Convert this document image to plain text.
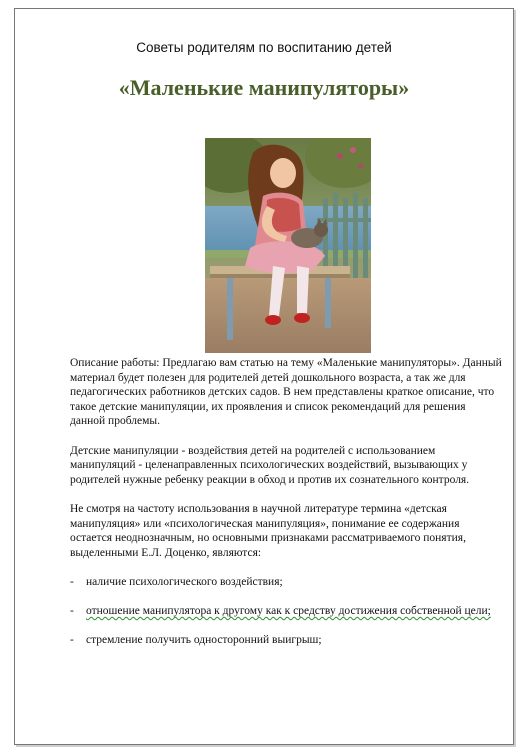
Советы родителям по воспитанию детей
«Маленькие манипуляторы»

Описание работы: Предлагаю вам статью на тему «Маленькие манипуляторы». Данный материал будет полезен для родителей детей дошкольного возраста, а так же для педагогических работников детских садов. В нем представлены краткое описание, что такое детские манипуляции, их проявления и список рекомендаций для решения данной проблемы.

Детские манипуляции - воздействия детей на родителей с использованием манипуляций - целенаправленных психологических воздействий, вызывающих у родителей нужные ребенку реакции в обход и против их сознательного контроля.

Не смотря на частоту использования в научной литературе термина «детская манипуляция» или «психологическая манипуляция», понимание ее содержания остается неоднозначным, но основными признаками рассматриваемого понятия, выделенными Е.Л. Доценко, являются:

-	наличие психологического воздействия;
-	отношение манипулятора к другому как к средству достижения собственной цели;
-	стремление получить односторонний выигрыш;
